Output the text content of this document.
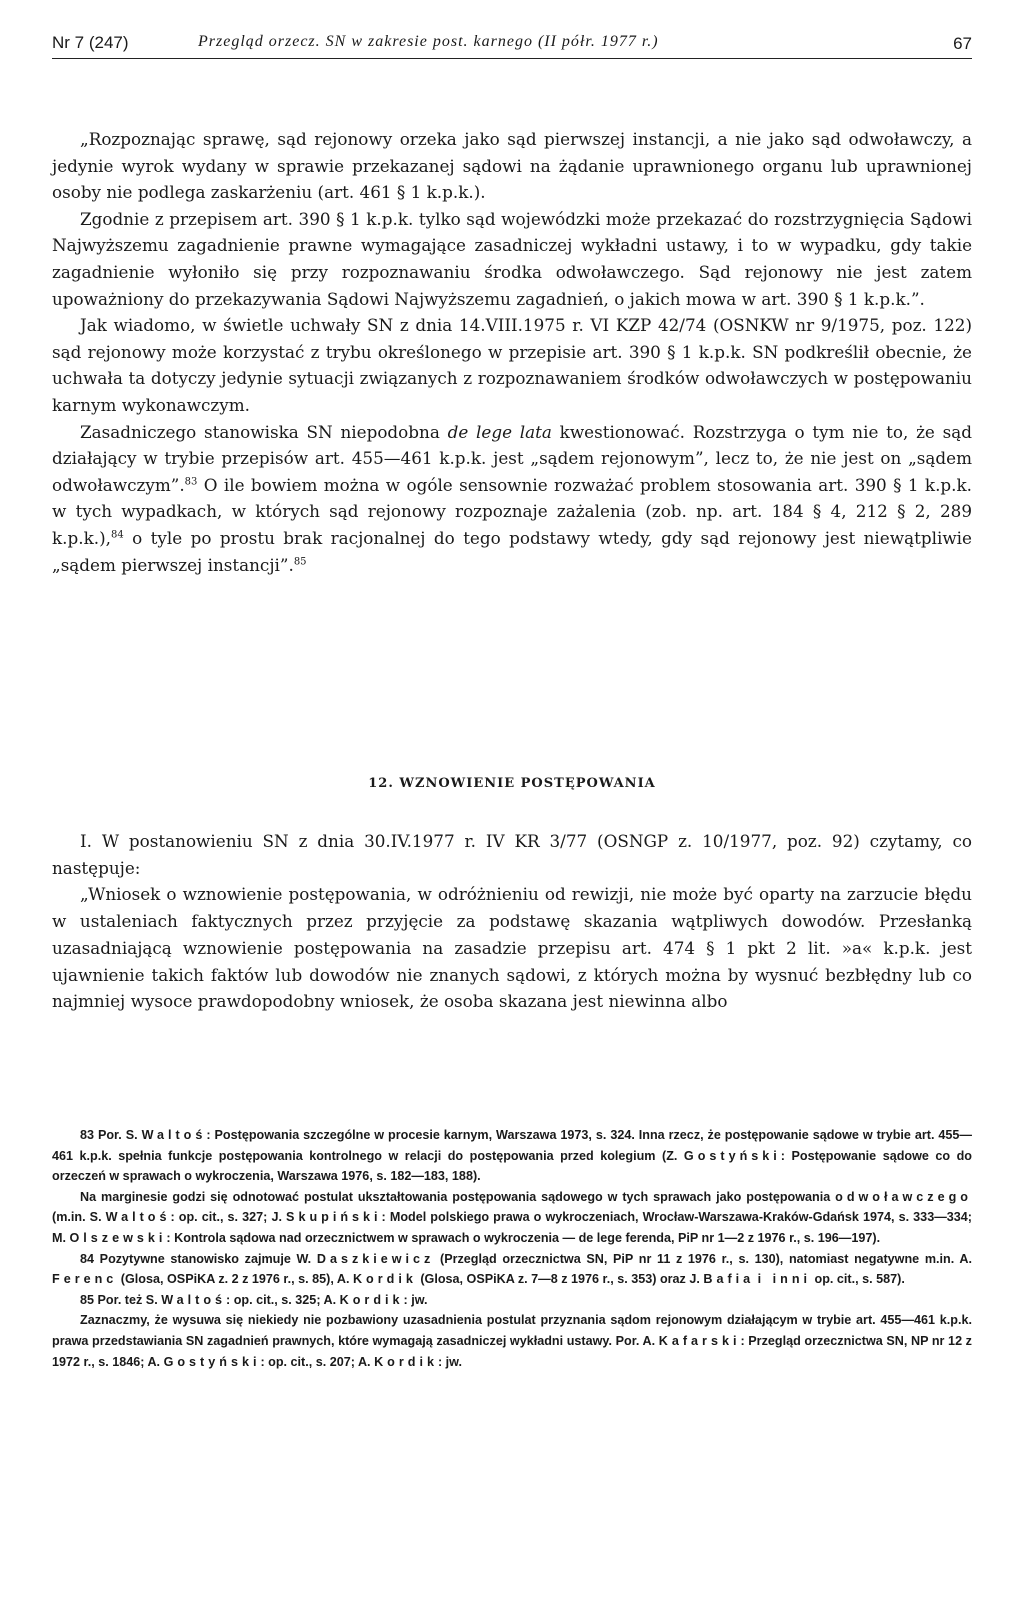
Nr 7 (247)	Przegląd orzecz. SN w zakresie post. karnego (II półr. 1977 r.)	67

„Rozpoznając sprawę, sąd rejonowy orzeka jako sąd pierwszej instancji, a nie jako sąd odwoławczy, a jedynie wyrok wydany w sprawie przekazanej sądowi na żądanie uprawnionego organu lub uprawnionej osoby nie podlega zaskarżeniu (art. 461 § 1 k.p.k.).

Zgodnie z przepisem art. 390 § 1 k.p.k. tylko sąd wojewódzki może przekazać do rozstrzygnięcia Sądowi Najwyższemu zagadnienie prawne wymagające zasadniczej wykładni ustawy, i to w wypadku, gdy takie zagadnienie wyłoniło się przy rozpoznawaniu środka odwoławczego. Sąd rejonowy nie jest zatem upoważniony do przekazywania Sądowi Najwyższemu zagadnień, o jakich mowa w art. 390 § 1 k.p.k.”.

Jak wiadomo, w świetle uchwały SN z dnia 14.VIII.1975 r. VI KZP 42/74 (OSNKW nr 9/1975, poz. 122) sąd rejonowy może korzystać z trybu określonego w przepisie art. 390 § 1 k.p.k. SN podkreślił obecnie, że uchwała ta dotyczy jedynie sytuacji związanych z rozpoznawaniem środków odwoławczych w postępowaniu karnym wykonawczym.

Zasadniczego stanowiska SN niepodobna de lege lata kwestionować. Rozstrzyga o tym nie to, że sąd działający w trybie przepisów art. 455—461 k.p.k. jest „sądem rejonowym”, lecz to, że nie jest on „sądem odwoławczym”.$^{83}$ O ile bowiem można w ogóle sensownie rozważać problem stosowania art. 390 § 1 k.p.k. w tych wypadkach, w których sąd rejonowy rozpoznaje zażalenia (zob. np. art. 184 § 4, 212 § 2, 289 k.p.k.),$^{84}$ o tyle po prostu brak racjonalnej do tego podstawy wtedy, gdy sąd rejonowy jest niewątpliwie „sądem pierwszej instancji”.$^{85}$

12. WZNOWIENIE POSTĘPOWANIA

I. W postanowieniu SN z dnia 30.IV.1977 r. IV KR 3/77 (OSNGP z. 10/1977, poz. 92) czytamy, co następuje:

„Wniosek o wznowienie postępowania, w odróżnieniu od rewizji, nie może być oparty na zarzucie błędu w ustaleniach faktycznych przez przyjęcie za podstawę skazania wątpliwych dowodów. Przesłanką uzasadniającą wznowienie postępowania na zasadzie przepisu art. 474 § 1 pkt 2 lit. »a« k.p.k. jest ujawnienie takich faktów lub dowodów nie znanych sądowi, z których można by wysnuć bezbłędny lub co najmniej wysoce prawdopodobny wniosek, że osoba skazana jest niewinna albo

83 Por. S. Waltoś: Postępowania szczególne w procesie karnym, Warszawa 1973, s. 324. Inna rzecz, że postępowanie sądowe w trybie art. 455—461 k.p.k. spełnia funkcje postępowania kontrolnego w relacji do postępowania przed kolegium (Z. Gostyński: Postępowanie sądowe co do orzeczeń w sprawach o wykroczenia, Warszawa 1976, s. 182—183, 188).

Na marginesie godzi się odnotować postulat ukształtowania postępowania sądowego w tych sprawach jako postępowania odwoławczego (m.in. S. Waltoś: op. cit., s. 327; J. Skupiński: Model polskiego prawa o wykroczeniach, Wrocław-Warszawa-Kraków-Gdańsk 1974, s. 333—334; M. Olszewski: Kontrola sądowa nad orzecznictwem w sprawach o wykroczenia — de lege ferenda, PiP nr 1—2 z 1976 r., s. 196—197).

84 Pozytywne stanowisko zajmuje W. Daszkiewicz (Przegląd orzecznictwa SN, PiP nr 11 z 1976 r., s. 130), natomiast negatywne m.in. A. Ferenc (Glosa, OSPiKA z. 2 z 1976 r., s. 85), A. Kordik (Glosa, OSPiKA z. 7—8 z 1976 r., s. 353) oraz J. Bafia i inni op. cit., s. 587).

85 Por. też S. Waltoś: op. cit., s. 325; A. Kordik: jw.

Zaznaczmy, że wysuwa się niekiedy nie pozbawiony uzasadnienia postulat przyznania sądom rejonowym działającym w trybie art. 455—461 k.p.k. prawa przedstawiania SN zagadnień prawnych, które wymagają zasadniczej wykładni ustawy. Por. A. Kafarski: Przegląd orzecznictwa SN, NP nr 12 z 1972 r., s. 1846; A. Gostyński: op. cit., s. 207; A. Kordik: jw.
